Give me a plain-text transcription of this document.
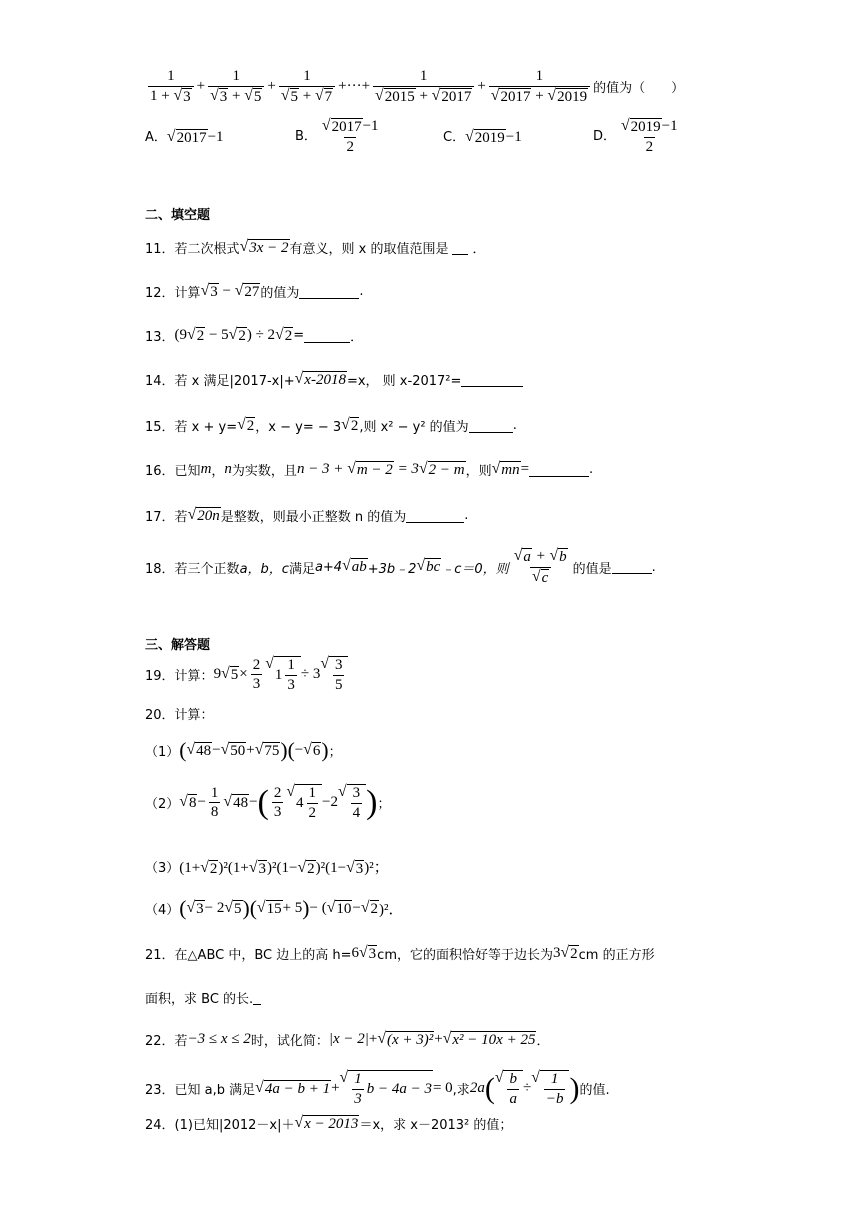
$\frac{1}{1 + √ 3} + \frac{1}{√ 3 + √ 5} + \frac{1}{√ 5 + √ 7}$ +···+ $\frac{1}{√ 2015 + √ 2017} + \frac{1}{√ 2017 + √ 2019}$ 的值为（　　）
A． √ 2017 −1	B． $\frac{√ 2017 -1}{2}$	C． √ 2019 −1	D． $\frac{√ 2019 -1}{2}$
二、填空题
11． 若二次根式 √ 3x − 2 有意义，则 x 的取值范围是 ．
12． 计算 √ 3 − √ 27 的值为	.
13． (9 √ 2 − 5 √ 2 ) ÷ 2 √ 2 =	．
14． 若 x 满足|2017-x|+ √ x-2018 =x， 则 x-2017²=
15． 若 x + y= √ 2 ，x − y= − 3 √ 2 ,则 x² − y² 的值为	.
16． 已知 m ， n 为实数，且 n − 3 + √ m − 2 = 3 √ 2 − m ，则 √ mn =	.
17． 若 √ 20n 是整数，则最小正整数 n 的值为	.
18． 若三个正数 a，b，c 满足 a+4 √ ab +3b﹣2 √ bc ﹣c＝0，则 $\frac{√ a + √ b}{√ c}$ 的值是	.
三、解答题
19． 计算： 9 √ $5 \times \frac{2}{3}$ √
$1 \frac{1}{3} \div 3$
√ $\frac{3}{5}$
20． 计算：
（1） ( √ 48 − √ 50 + √ 75 ) ( − √ 6 ) ；
（2） √ $8 - \frac{1}{8}$ √ 48 − ( $\frac{2}{3}$ √
$4 \frac{1}{2} - 2$
√ $\frac{3}{4}$ ) ；
（3） (1+ √ 2 )²(1+ √ 3 )²(1− √ 2 )²(1− √ 3 )²；
（4） ( √ 3 − 2 √ 5 ) ( √ 15 + 5 ) − ( √ 10 − √ 2 )²．
21． 在△ABC 中，BC 边上的高 h= 6 √ 3 cm，它的面积恰好等于边长为 3 √ 2 cm 的正方形
面积，求 BC 的长.
22． 若 −3 ≤ x ≤ 2 时，试化简： |x − 2| + √ (x + 3)² + √ x² − 10x + 25 ．
23． 已知 a,b 满足 √ 4a − b + 1 +
√ $\frac{1}{3}$ b − 4a − 3 = 0 ,求 2a ( √ $\frac{b}{a}$ ÷
√ $\frac{1}{-b}$ ) 的值.
24． (1)已知|2012－x|＋ √ x − 2013 ＝x，求 x－2013² 的值；
